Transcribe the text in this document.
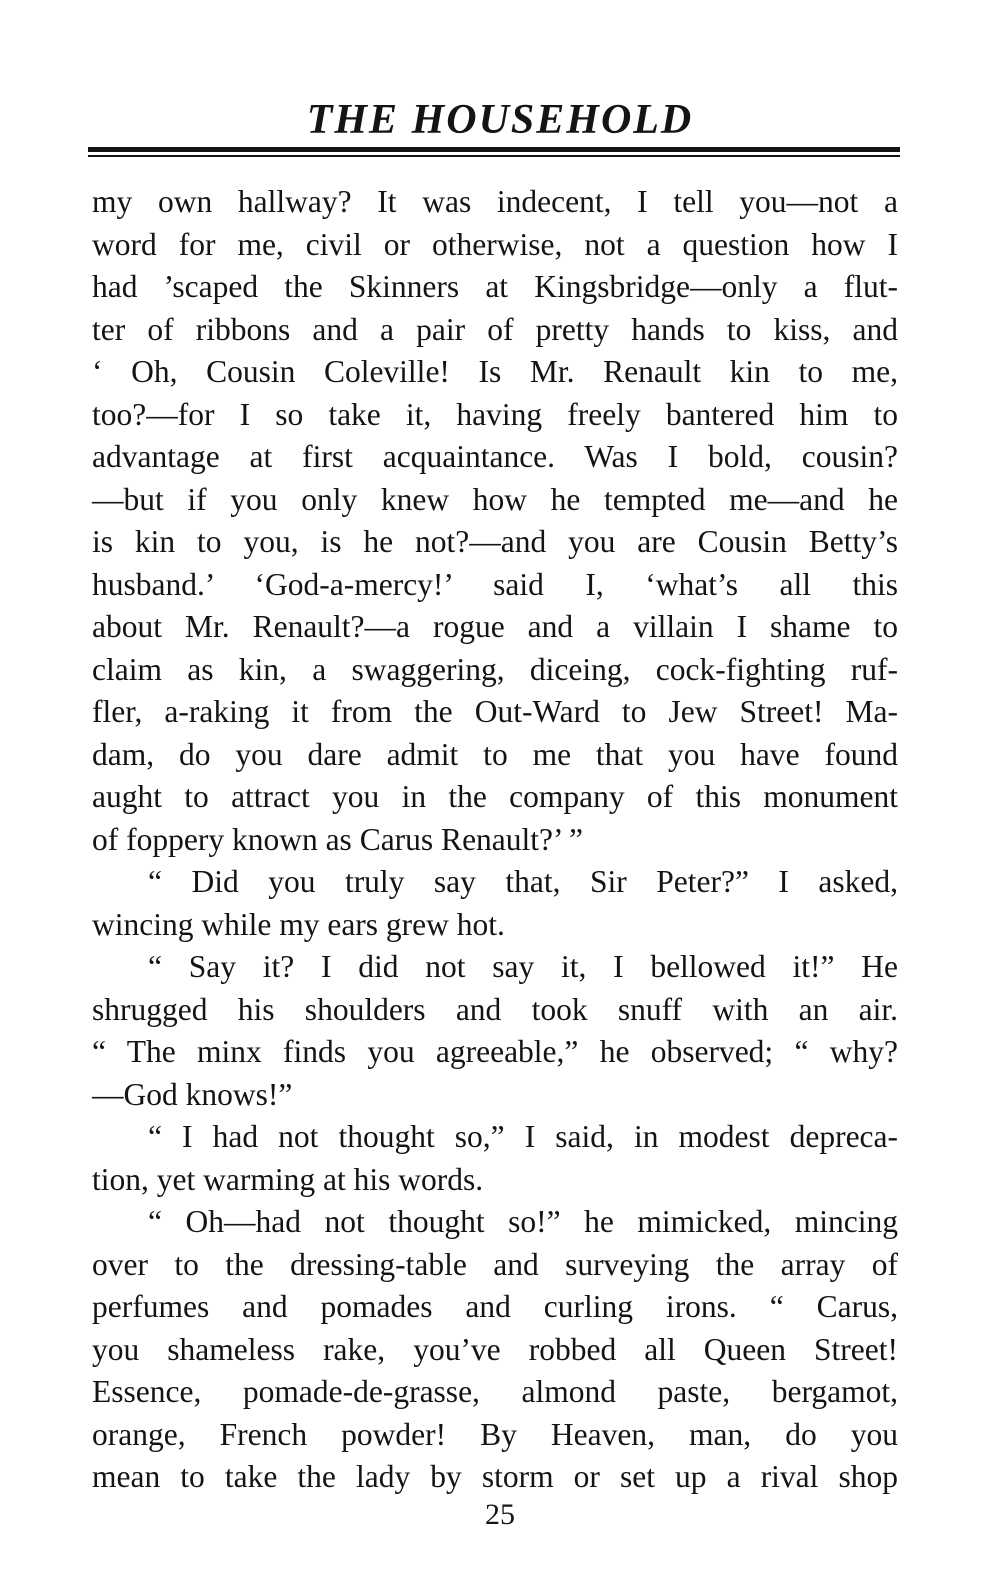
THE HOUSEHOLD
my own hallway? It was indecent, I tell you—not a
word for me, civil or otherwise, not a question how I
had ’scaped the Skinners at Kingsbridge—only a flut-
ter of ribbons and a pair of pretty hands to kiss, and
‘ Oh, Cousin Coleville! Is Mr. Renault kin to me,
too?—for I so take it, having freely bantered him to
advantage at first acquaintance. Was I bold, cousin?
—but if you only knew how he tempted me—and he
is kin to you, is he not?—and you are Cousin Betty’s
husband.’ ‘God-a-mercy!’ said I, ‘what’s all this
about Mr. Renault?—a rogue and a villain I shame to
claim as kin, a swaggering, diceing, cock-fighting ruf-
fler, a-raking it from the Out-Ward to Jew Street! Ma-
dam, do you dare admit to me that you have found
aught to attract you in the company of this monument
of foppery known as Carus Renault?’ ”
“ Did you truly say that, Sir Peter?” I asked,
wincing while my ears grew hot.
“ Say it? I did not say it, I bellowed it!” He
shrugged his shoulders and took snuff with an air.
“ The minx finds you agreeable,” he observed; “ why?
—God knows!”
“ I had not thought so,” I said, in modest depreca-
tion, yet warming at his words.
“ Oh—had not thought so!” he mimicked, mincing
over to the dressing-table and surveying the array of
perfumes and pomades and curling irons. “ Carus,
you shameless rake, you’ve robbed all Queen Street!
Essence, pomade-de-grasse, almond paste, bergamot,
orange, French powder! By Heaven, man, do you
mean to take the lady by storm or set up a rival shop
25
